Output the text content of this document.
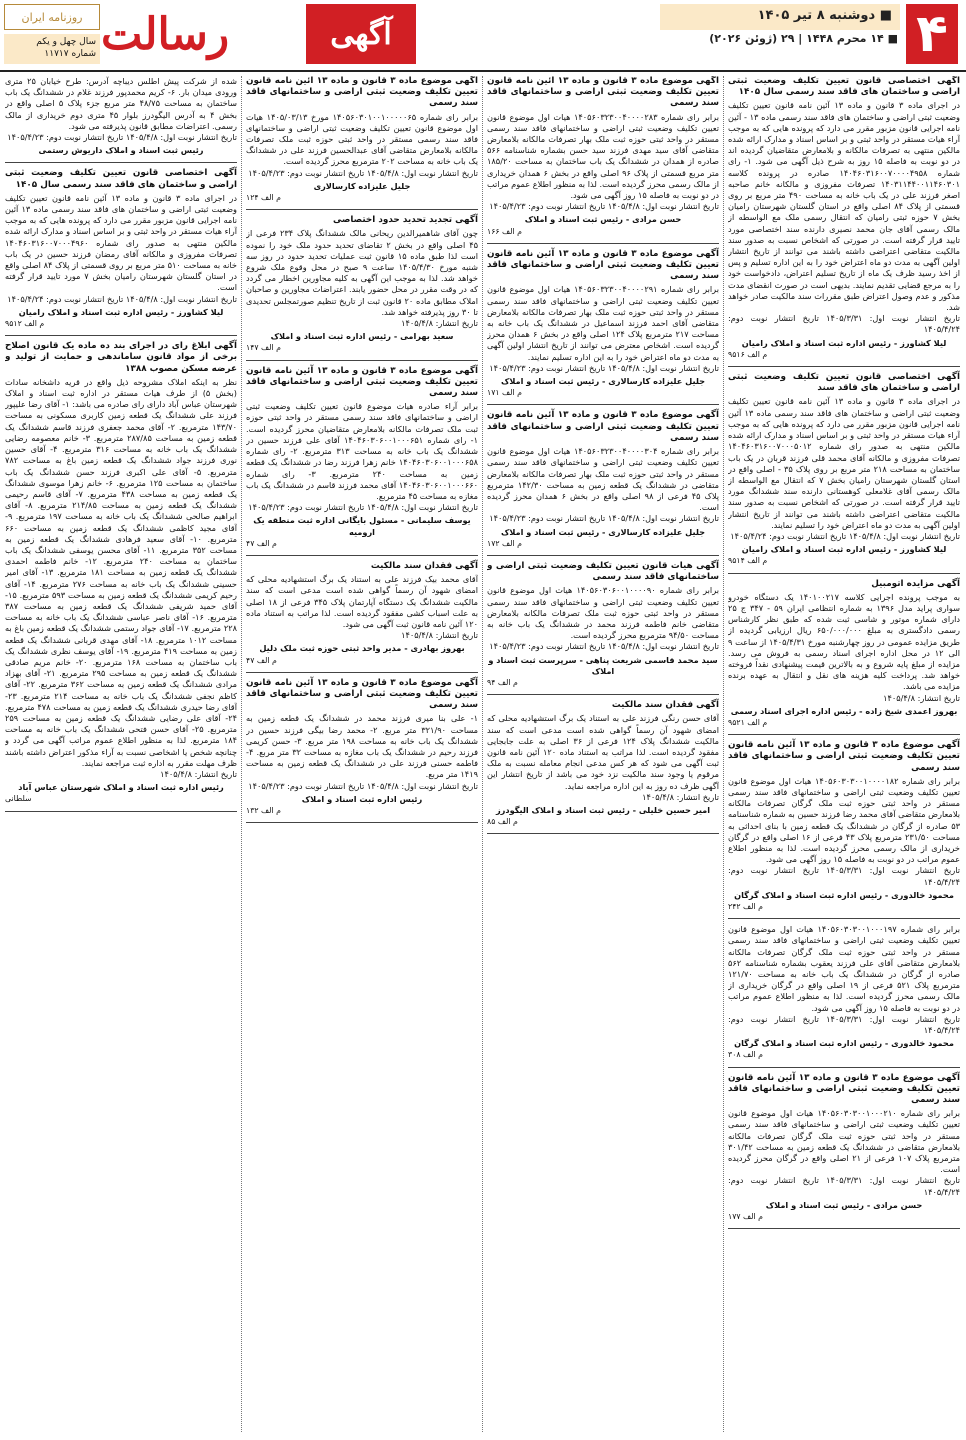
۴
■ دوشنبه ۸ تیر ۱۴۰۵
■ ۱۴ محرم ۱۴۴۸ | ۲۹ (ژوئن ۲۰۲۶)
آگهی
رسالت
روزنامه ایران
سال چهل و یکم
شماره ۱۱۷۱۷
آگهی اختصاصی قانون تعیین تکلیف وضعیت ثبتی اراضی و ساختمان های فاقد سند رسمی سال ۱۴۰۵
در اجرای ماده ۳ قانون و ماده ۱۳ آئین نامه قانون تعیین تکلیف وضعیت ثبتی اراضی و ساختمان های فاقد سند رسمی ماده ۱۳ - آئین نامه اجرایی قانون مزبور مقرر می دارد که پرونده هایی که به موجب آراء هیات مستقر در واحد ثبتی و بر اساس اسناد و مدارک ارائه شده مالکین منتهی به تصرفات مالکانه و بلامعارض متقاضیان گردیده اند در دو نوبت به فاصله ۱۵ روز به شرح ذیل آگهی می شود. ۱- رای شماره ۱۴۰۴۶۰۳۱۶۰۰۷۰۰۰۰۴۹۵۸ صادره در پرونده کلاسه ۱۴۰۳۱۱۴۴۰۰۱۱۴۶۰۳۰۱ تصرفات مفروزی و مالکانه خانم صاحبه اصغر فرزند علی در یک باب خانه به مساحت ۴۹۰ متر مربع بر روی قسمتی از پلاک ۸۴ اصلی واقع در استان گلستان شهرستان رامیان بخش ۷ حوزه ثبتی رامیان که انتقال رسمی ملک مع الواسطه از مالک رسمی آقای جان محمد نصیری دارنده سند اختصاصی مورد تایید قرار گرفته است. در صورتی که اشخاص نسبت به صدور سند مالکیت متقاضی اعتراضی داشته باشند می توانند از تاریخ انتشار اولین آگهی به مدت دو ماه اعتراض خود را به این اداره تسلیم و پس از اخذ رسید ظرف یک ماه از تاریخ تسلیم اعتراض، دادخواست خود را به مرجع قضایی تقدیم نمایند. بدیهی است در صورت انقضای مدت مذکور و عدم وصول اعتراض طبق مقررات سند مالکیت صادر خواهد شد.
تاریخ انتشار نوبت اول: ۱۴۰۵/۳/۳۱ تاریخ انتشار نوبت دوم: ۱۴۰۵/۴/۲۴
لیلا کشاورز - رئیس اداره ثبت اسناد و املاک رامیان
م الف ۹۵۱۶
آگهی اختصاصی قانون تعیین تکلیف وضعیت ثبتی اراضی و ساختمان های فاقد سند
در اجرای ماده ۳ قانون و ماده ۱۳ آئین نامه قانون تعیین تکلیف وضعیت ثبتی اراضی و ساختمان های فاقد سند رسمی ماده ۱۳ آئین نامه اجرایی قانون مزبور مقرر می دارد که پرونده هایی که به موجب آراء هیات مستقر در واحد ثبتی و بر اساس اسناد و مدارک ارائه شده مالکین منتهی به صدور رای شماره ۱۴۰۴۶۰۳۱۶۰۰۷۰۰۰۵۰۱۲ تصرفات مفروزی و مالکانه آقای محمد قلی فرزند قربان در یک باب ساختمان به مساحت ۲۱۸ متر مربع بر روی پلاک ۳۵ - اصلی واقع در استان گلستان شهرستان رامیان بخش ۷ که انتقال مع الواسطه از مالک رسمی آقای غلامعلی کوهستانی دارنده سند ششدانگ مورد تایید قرار گرفته است. در صورتی که اشخاص نسبت به صدور سند مالکیت متقاضی اعتراضی داشته باشند می توانند از تاریخ انتشار اولین آگهی به مدت دو ماه اعتراض خود را تسلیم نمایند.
تاریخ انتشار نوبت اول: ۱۴۰۵/۴/۸ تاریخ انتشار نوبت دوم: ۱۴۰۵/۴/۲۴
لیلا کشاورز - رئیس اداره ثبت اسناد و املاک رامیان
م الف ۹۵۱۴
آگهی مزایده اتومبیل
به موجب پرونده اجرایی کلاسه ۱۴۰۱۰۰۲۱۷ یک دستگاه خودرو سواری پراید مدل ۱۳۹۶ به شماره انتظامی ایران ۵۹ - ۳۴۷ ج ۲۵ دارای شماره موتور و شاسی ثبت شده که طبق نظر کارشناس رسمی دادگستری به مبلغ ۶۵۰/۰۰۰/۰۰۰ ریال ارزیابی گردیده از طریق مزایده عمومی در روز چهارشنبه مورخ ۱۴۰۵/۴/۳۱ از ساعت ۹ الی ۱۲ در محل اداره اجرای اسناد رسمی به فروش می رسد. مزایده از مبلغ پایه شروع و به بالاترین قیمت پیشنهادی نقداً فروخته خواهد شد. پرداخت کلیه هزینه های نقل و انتقال به عهده برنده مزایده می باشد.
تاریخ انتشار: ۱۴۰۵/۴/۸
بهروز اعمدی شیخ زاده - رئیس اداره اجرای اسناد رسمی
م الف ۹۵۲۱
آگهی موضوع ماده ۳ قانون و ماده ۱۳ آئین نامه قانون تعیین تکلیف وضعیت ثبتی اراضی و ساختمانهای فاقد سند رسمی
برابر رای شماره ۱۴۰۵۶۰۳۰۳۰۰۱۰۰۰۰۱۸۲ هیات اول موضوع قانون تعیین تکلیف وضعیت ثبتی اراضی و ساختمانهای فاقد سند رسمی مستقر در واحد ثبتی حوزه ثبت ملک گرگان تصرفات مالکانه بلامعارض متقاضی آقای محمد رضا فرزند حسین به شماره شناسنامه ۵۳ صادره از گرگان در ششدانگ یک قطعه زمین با بنای احداثی به مساحت ۲۳۱/۵۰ مترمربع پلاک ۴۳ فرعی از ۱۶ اصلی واقع در گرگان خریداری از مالک رسمی محرز گردیده است. لذا به منظور اطلاع عموم مراتب در دو نوبت به فاصله ۱۵ روز آگهی می شود.
تاریخ انتشار نوبت اول: ۱۴۰۵/۳/۳۱ تاریخ انتشار نوبت دوم: ۱۴۰۵/۴/۲۴
محمود خالدوری - رئیس اداره ثبت اسناد و املاک گرگان
م الف ۲۴۲
برابر رای شماره ۱۴۰۵۶۰۳۰۳۰۰۱۰۰۰۱۹۷ هیات اول موضوع قانون تعیین تکلیف وضعیت ثبتی اراضی و ساختمانهای فاقد سند رسمی مستقر در واحد ثبتی حوزه ثبت ملک گرگان تصرفات مالکانه بلامعارض متقاضی آقای علی فرزند یعقوب بشماره شناسنامه ۵۶۲ صادره از گرگان در ششدانگ یک باب خانه به مساحت ۱۲۱/۷۰ مترمربع پلاک ۵۲۱ فرعی از ۱۹ اصلی واقع در گرگان خریداری از مالک رسمی محرز گردیده است. لذا به منظور اطلاع عموم مراتب در دو نوبت به فاصله ۱۵ روز آگهی می شود.
تاریخ انتشار نوبت اول: ۱۴۰۵/۳/۳۱ تاریخ انتشار نوبت دوم: ۱۴۰۵/۴/۲۴
محمود خالدوری - رئیس اداره ثبت اسناد و املاک گرگان
م الف ۳۰۸
آگهی موضوع ماده ۳ قانون و ماده ۱۳ آئین نامه قانون تعیین تکلیف وضعیت ثبتی اراضی و ساختمانهای فاقد سند رسمی
برابر رای شماره ۱۴۰۵۶۰۳۰۳۰۰۱۰۰۰۲۱۰ هیات اول موضوع قانون تعیین تکلیف وضعیت ثبتی اراضی و ساختمانهای فاقد سند رسمی مستقر در واحد ثبتی حوزه ثبت ملک گرگان تصرفات مالکانه بلامعارض متقاضی در ششدانگ یک قطعه زمین به مساحت ۳۰۱/۴۲ مترمربع پلاک ۱۰۷ فرعی از ۲۱ اصلی واقع در گرگان محرز گردیده است.
تاریخ انتشار نوبت اول: ۱۴۰۵/۳/۳۱ تاریخ انتشار نوبت دوم: ۱۴۰۵/۴/۲۴
حسن مرادی - رئیس ثبت اسناد و املاک
م الف ۱۷۷
آگهی موضوع ماده ۳ قانون و ماده ۱۳ آئین نامه قانون تعیین تکلیف وضعیت ثبتی اراضی و ساختمانهای فاقد سند رسمی
برابر رای شماره ۱۴۰۵۶۰۳۲۳۰۰۴۰۰۰۰۲۸۳ هیات اول موضوع قانون تعیین تکلیف وضعیت ثبتی اراضی و ساختمانهای فاقد سند رسمی مستقر در واحد ثبتی حوزه ثبت ملک بهار تصرفات مالکانه بلامعارض متقاضی آقای سید مهدی فرزند سید حسن بشماره شناسنامه ۵۶۶ صادره از همدان در ششدانگ یک باب ساختمان به مساحت ۱۸۵/۲۰ متر مربع قسمتی از پلاک ۹۶ اصلی واقع در بخش ۶ همدان خریداری از مالک رسمی محرز گردیده است. لذا به منظور اطلاع عموم مراتب در دو نوبت به فاصله ۱۵ روز آگهی می شود.
تاریخ انتشار نوبت اول: ۱۴۰۵/۴/۸ تاریخ انتشار نوبت دوم: ۱۴۰۵/۴/۲۳
حسن مرادی - رئیس ثبت اسناد و املاک
م الف ۱۶۶
آگهی موضوع ماده ۳ قانون و ماده ۱۳ آئین نامه قانون تعیین تکلیف وضعیت ثبتی اراضی و ساختمانهای فاقد سند رسمی
برابر رای شماره ۱۴۰۵۶۰۳۲۳۰۰۴۰۰۰۰۲۹۱ هیات اول موضوع قانون تعیین تکلیف وضعیت ثبتی اراضی و ساختمانهای فاقد سند رسمی مستقر در واحد ثبتی حوزه ثبت ملک بهار تصرفات مالکانه بلامعارض متقاضی آقای احمد فرزند اسماعیل در ششدانگ یک باب خانه به مساحت ۲۱۷ مترمربع پلاک ۱۲۴ اصلی واقع در بخش ۶ همدان محرز گردیده است. اشخاص معترض می توانند از تاریخ انتشار اولین آگهی به مدت دو ماه اعتراض خود را به این اداره تسلیم نمایند.
تاریخ انتشار نوبت اول: ۱۴۰۵/۴/۸ تاریخ انتشار نوبت دوم: ۱۴۰۵/۴/۲۳
جلیل علیزاده کارسالاری - رئیس ثبت اسناد و املاک
م الف ۱۷۱
آگهی موضوع ماده ۳ قانون و ماده ۱۳ آئین نامه قانون تعیین تکلیف وضعیت ثبتی اراضی و ساختمانهای فاقد سند رسمی
برابر رای شماره ۱۴۰۵۶۰۳۲۳۰۰۴۰۰۰۰۳۰۴ هیات اول موضوع قانون تعیین تکلیف وضعیت ثبتی اراضی و ساختمانهای فاقد سند رسمی مستقر در واحد ثبتی حوزه ثبت ملک بهار تصرفات مالکانه بلامعارض متقاضی در ششدانگ یک قطعه زمین به مساحت ۱۴۲/۳۰ مترمربع پلاک ۴۵ فرعی از ۹۸ اصلی واقع در بخش ۶ همدان محرز گردیده است.
تاریخ انتشار نوبت اول: ۱۴۰۵/۴/۸ تاریخ انتشار نوبت دوم: ۱۴۰۵/۴/۲۳
جلیل علیزاده کارسالاری - رئیس ثبت اسناد و املاک
م الف ۱۷۲
آگهی هیات قانون تعیین تکلیف وضعیت ثبتی اراضی و ساختمانهای فاقد سند رسمی
برابر رای شماره ۱۴۰۵۶۰۳۰۶۰۰۱۰۰۰۰۹۰ هیات اول موضوع قانون تعیین تکلیف وضعیت ثبتی اراضی و ساختمانهای فاقد سند رسمی مستقر در واحد ثبتی حوزه ثبت ملک تصرفات مالکانه بلامعارض متقاضی خانم فاطمه فرزند محمد در ششدانگ یک باب خانه به مساحت ۹۴/۵۰ مترمربع محرز گردیده است.
تاریخ انتشار نوبت اول: ۱۴۰۵/۴/۸ تاریخ انتشار نوبت دوم: ۱۴۰۵/۴/۲۳
سید محمد قاسمی شریعت پناهی - سرپرست ثبت اسناد و املاک
م الف ۹۴
آگهی فقدان سند مالکیت
آقای حسن رنگی فرزند علی به استناد یک برگ استشهادیه محلی که امضای شهود آن رسماً گواهی شده است مدعی است که سند مالکیت ششدانگ پلاک ۱۲۴ فرعی از ۳۶ اصلی به علت جابجایی مفقود گردیده است. لذا مراتب به استناد ماده ۱۲۰ آئین نامه قانون ثبت آگهی می شود که هر کس مدعی انجام معامله نسبت به ملک مرقوم یا وجود سند مالکیت نزد خود می باشد از تاریخ انتشار این آگهی ظرف ده روز به این اداره مراجعه نماید.
تاریخ انتشار: ۱۴۰۵/۴/۸
امیر حسین خلیلی - رئیس ثبت اسناد و املاک الیگودرز
م الف ۸۵
آگهی موضوع ماده ۳ قانون و ماده ۱۳ آئین نامه قانون تعیین تکلیف وضعیت ثبتی اراضی و ساختمانهای فاقد سند رسمی
برابر رای شماره ۱۴۰۵۶۰۳۰۱۰۰۱۰۰۰۰۰۶۵ مورخ ۱۴۰۵/۰۳/۱۳ هیات اول موضوع قانون تعیین تکلیف وضعیت ثبتی اراضی و ساختمانهای فاقد سند رسمی مستقر در واحد ثبتی حوزه ثبت ملک تصرفات مالکانه بلامعارض متقاضی آقای عبدالحسین فرزند علی در ششدانگ یک باب خانه به مساحت ۲۰۲ مترمربع محرز گردیده است.
تاریخ انتشار نوبت اول: ۱۴۰۵/۴/۸ تاریخ انتشار نوبت دوم: ۱۴۰۵/۴/۲۳
جلیل علیزاده کارسالاری
م الف ۱۲۴
آگهی تجدید تحدید حدود اختصاصی
چون آقای شاهمیرالدین ریحانی مالک ششدانگ پلاک ۲۳۴ فرعی از ۴۵ اصلی واقع در بخش ۲ تقاضای تحدید حدود ملک خود را نموده است لذا طبق ماده ۱۵ قانون ثبت عملیات تحدید حدود در روز سه شنبه مورخ ۱۴۰۵/۴/۳۰ ساعت ۹ صبح در محل وقوع ملک شروع خواهد شد. لذا به موجب این آگهی به کلیه مجاورین اخطار می گردد که در وقت مقرر در محل حضور یابند. اعتراضات مجاورین و صاحبان املاک مطابق ماده ۲۰ قانون ثبت از تاریخ تنظیم صورتمجلس تحدیدی تا ۳۰ روز پذیرفته خواهد شد.
تاریخ انتشار: ۱۴۰۵/۴/۸
سعید بهرامی - رئیس اداره ثبت اسناد و املاک
م الف ۱۴۷
آگهی موضوع ماده ۳ قانون و ماده ۱۳ آئین نامه قانون تعیین تکلیف وضعیت ثبتی اراضی و ساختمانهای فاقد سند رسمی
برابر آراء صادره هیات موضوع قانون تعیین تکلیف وضعیت ثبتی اراضی و ساختمانهای فاقد سند رسمی مستقر در واحد ثبتی حوزه ثبت ملک تصرفات مالکانه بلامعارض متقاضیان محرز گردیده است. ۱- رای شماره ۱۴۰۴۶۰۳۰۶۰۰۱۰۰۰۶۵۱ آقای علی فرزند حسین در ششدانگ یک باب خانه به مساحت ۳۱۳ مترمربع. ۲- رای شماره ۱۴۰۴۶۰۳۰۶۰۰۱۰۰۰۶۵۸ خانم زهرا فرزند رضا در ششدانگ یک قطعه زمین به مساحت ۲۴۰ مترمربع. ۳- رای شماره ۱۴۰۴۶۰۳۰۶۰۰۱۰۰۰۶۶۰ آقای محمد فرزند قاسم در ششدانگ یک باب مغازه به مساحت ۴۵ مترمربع.
تاریخ انتشار نوبت اول: ۱۴۰۵/۴/۸ تاریخ انتشار نوبت دوم: ۱۴۰۵/۴/۲۳
یوسف سلیمانی - مسئول بایگانی اداره ثبت منطقه یک ارومیه
م الف ۴۷
آگهی فقدان سند مالکیت
آقای محمد بیک فرزند علی به استناد یک برگ استشهادیه محلی که امضای شهود آن رسماً گواهی شده است مدعی است که سند مالکیت ششدانگ یک دستگاه آپارتمان پلاک ۳۴۵ فرعی از ۱۸ اصلی به علت اسباب کشی مفقود گردیده است. لذا مراتب به استناد ماده ۱۲۰ آئین نامه قانون ثبت آگهی می شود.
تاریخ انتشار: ۱۴۰۵/۴/۸
بهروز بهادری - مدیر واحد ثبتی حوزه ثبت ملک دلیل
م الف ۴۷
آگهی موضوع ماده ۳ قانون و ماده ۱۳ آئین نامه قانون تعیین تکلیف وضعیت ثبتی اراضی و ساختمانهای فاقد سند رسمی
۱- علی بنا میری فرزند محمد در ششدانگ یک قطعه زمین به مساحت ۳۲۱/۹۰ متر مربع. ۲- محمد رضا بیگی فرزند حسین در ششدانگ یک باب خانه به مساحت ۱۹۸ متر مربع. ۳- حسن کریمی فرزند رحیم در ششدانگ یک باب مغازه به مساحت ۳۲ متر مربع. ۴- فاطمه حسنی فرزند علی در ششدانگ یک قطعه زمین به مساحت ۱۴۱۹ متر مربع.
تاریخ انتشار نوبت اول: ۱۴۰۵/۴/۸ تاریخ انتشار نوبت دوم: ۱۴۰۵/۴/۲۳
رئیس اداره ثبت اسناد و املاک
م الف ۱۳۲
شده از شرکت پیش اطلس دیباچه آدرس: طرح خیابان ۲۵ متری ورودی میدان بار. ۶- کریم محمدپور فرزند غلام در ششدانگ یک باب ساختمان به مساحت ۴۸/۷۵ متر مربع جزء پلاک ۵ اصلی واقع در بخش ۴ به آدرس الیگودرز بلوار ۴۵ متری دوم خریداری از مالک رسمی. اعتراضات مطابق قانون پذیرفته می شود.
تاریخ انتشار نوبت اول: ۱۴۰۵/۴/۸ تاریخ انتشار نوبت دوم: ۱۴۰۵/۴/۲۳
رئیس ثبت اسناد و املاک داریوش رستمی
آگهی اختصاصی قانون تعیین تکلیف وضعیت ثبتی اراضی و ساختمان های فاقد سند رسمی سال ۱۴۰۵
در اجرای ماده ۳ قانون و ماده ۱۳ آئین نامه قانون تعیین تکلیف وضعیت ثبتی اراضی و ساختمان های فاقد سند رسمی ماده ۱۳ آئین نامه اجرایی قانون مزبور مقرر می دارد که پرونده هایی که به موجب آراء هیات مستقر در واحد ثبتی و بر اساس اسناد و مدارک ارائه شده مالکین منتهی به صدور رای شماره ۱۴۰۴۶۰۳۱۶۰۰۷۰۰۰۴۹۶۰ تصرفات مفروزی و مالکانه آقای رمضان فرزند حسین در یک باب خانه به مساحت ۵۱۰ متر مربع بر روی قسمتی از پلاک ۸۴ اصلی واقع در استان گلستان شهرستان رامیان بخش ۷ مورد تایید قرار گرفته است.
تاریخ انتشار نوبت اول: ۱۴۰۵/۴/۸ تاریخ انتشار نوبت دوم: ۱۴۰۵/۴/۲۴
لیلا کشاورز - رئیس اداره ثبت اسناد و املاک رامیان
م الف ۹۵۱۲
آگهی ابلاغ رای در اجرای بند ده ماده یک قانون اصلاح برخی از مواد قانون ساماندهی و حمایت از تولید و عرضه مسکن مصوب ۱۳۸۸
نظر به اینکه املاک مشروحه ذیل واقع در قریه داشخانه سادات (بخش ۵) از طرف هیات مستقر در اداره ثبت اسناد و املاک شهرستان عباس آباد دارای رای صادره می باشد: ۱- آقای رضا علیپور فرزند علی ششدانگ یک قطعه زمین کاربری مسکونی به مساحت ۱۴۳/۷۰ مترمربع. ۲- آقای محمد جعفری فرزند قاسم ششدانگ یک قطعه زمین به مساحت ۲۸۷/۸۵ مترمربع. ۳- خانم معصومه رضایی ششدانگ یک باب خانه به مساحت ۳۱۶ مترمربع. ۴- آقای حسین نوری فرزند جواد ششدانگ یک قطعه زمین باغ به مساحت ۷۸۲ مترمربع. ۵- آقای علی اکبری فرزند حسن ششدانگ یک باب ساختمان به مساحت ۱۲۵ مترمربع. ۶- خانم زهرا موسوی ششدانگ یک قطعه زمین به مساحت ۴۳۸ مترمربع. ۷- آقای قاسم رحیمی ششدانگ یک قطعه زمین به مساحت ۲۱۴/۸۵ مترمربع. ۸- آقای ابراهیم صالحی ششدانگ یک باب خانه به مساحت ۱۹۷ مترمربع. ۹- آقای مجید کاظمی ششدانگ یک قطعه زمین به مساحت ۶۶۰ مترمربع. ۱۰- آقای سعید فرهادی ششدانگ یک قطعه زمین به مساحت ۳۵۲ مترمربع. ۱۱- آقای محسن یوسفی ششدانگ یک باب ساختمان به مساحت ۲۴۰ مترمربع. ۱۲- خانم فاطمه احمدی ششدانگ یک قطعه زمین به مساحت ۱۸۱ مترمربع. ۱۳- آقای امیر حسینی ششدانگ یک باب خانه به مساحت ۲۷۶ مترمربع. ۱۴- آقای رحیم کریمی ششدانگ یک قطعه زمین به مساحت ۵۹۳ مترمربع. ۱۵- آقای حمید شریفی ششدانگ یک قطعه زمین به مساحت ۳۸۷ مترمربع. ۱۶- آقای ناصر عباسی ششدانگ یک باب خانه به مساحت ۲۲۸ مترمربع. ۱۷- آقای جواد رستمی ششدانگ یک قطعه زمین باغ به مساحت ۱۰۱۲ مترمربع. ۱۸- آقای مهدی قربانی ششدانگ یک قطعه زمین به مساحت ۴۱۹ مترمربع. ۱۹- آقای یوسف نظری ششدانگ یک باب ساختمان به مساحت ۱۶۸ مترمربع. ۲۰- خانم مریم صادقی ششدانگ یک قطعه زمین به مساحت ۲۹۵ مترمربع. ۲۱- آقای بهزاد مرادی ششدانگ یک قطعه زمین به مساحت ۳۶۲ مترمربع. ۲۲- آقای کاظم نجفی ششدانگ یک باب خانه به مساحت ۲۱۴ مترمربع. ۲۳- آقای رضا حیدری ششدانگ یک قطعه زمین به مساحت ۴۷۸ مترمربع. ۲۴- آقای علی رضایی ششدانگ یک قطعه زمین به مساحت ۲۵۹ مترمربع. ۲۵- آقای حسن فتحی ششدانگ یک باب خانه به مساحت ۱۸۴ مترمربع. لذا به منظور اطلاع عموم مراتب آگهی می گردد و چنانچه شخص یا اشخاصی نسبت به آراء مذکور اعتراض داشته باشند ظرف مهلت مقرر به اداره ثبت مراجعه نمایند.
تاریخ انتشار: ۱۴۰۵/۴/۸
رئیس اداره ثبت اسناد و املاک شهرستان عباس آباد
سلطانی
